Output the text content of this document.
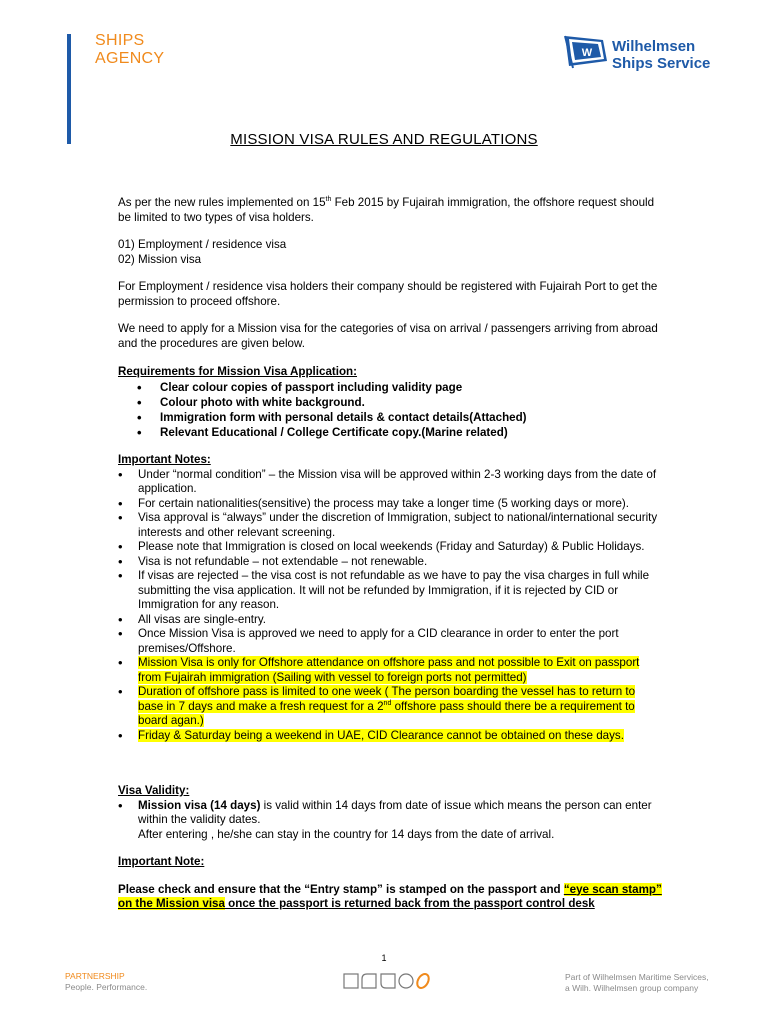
SHIPS
AGENCY	W Wilhelmsen
Ships Service
MISSION VISA RULES AND REGULATIONS

As per the new rules implemented on 15th Feb 2015 by Fujairah immigration, the offshore request should be limited to two types of visa holders.

01) Employment / residence visa

02) Mission visa

For Employment / residence visa holders their company should be registered with Fujairah Port to get the permission to proceed offshore.
We need to apply for a Mission visa for the categories of visa on arrival / passengers arriving from abroad and the procedures are given below.

Requirements for Mission Visa Application:

• Clear colour copies of passport including validity page
• Colour photo with white background.
• Immigration form with personal details & contact details(Attached)
• Relevant Educational / College Certificate copy.(Marine related)

Important Notes:

• Under “normal condition” – the Mission visa will be approved within 2-3 working days from the date of application.
• For certain nationalities(sensitive) the process may take a longer time (5 working days or more).
• Visa approval is “always” under the discretion of Immigration, subject to national/international security interests and other relevant screening.
• Please note that Immigration is closed on local weekends (Friday and Saturday) & Public Holidays.
• Visa is not refundable – not extendable – not renewable.
• If visas are rejected – the visa cost is not refundable as we have to pay the visa charges in full while submitting the visa application. It will not be refunded by Immigration, if it is rejected by CID or Immigration for any reason.
• All visas are single-entry.
• Once Mission Visa is approved we need to apply for a CID clearance in order to enter the port premises/Offshore.
• Mission Visa is only for Offshore attendance on offshore pass and not possible to Exit on passport from Fujairah immigration (Sailing with vessel to foreign ports not permitted)
• Duration of offshore pass is limited to one week ( The person boarding the vessel has to return to base in 7 days and make a fresh request for a 2nd offshore pass should there be a requirement to board agan.)
• Friday & Saturday being a weekend in UAE, CID Clearance cannot be obtained on these days.

Visa Validity:

• Mission visa (14 days) is valid within 14 days from date of issue which means the person can enter within the validity dates.
After entering , he/she can stay in the country for 14 days from the date of arrival.

Important Note:

Please check and ensure that the “Entry stamp” is stamped on the passport and “eye scan stamp” on the Mission visa once the passport is returned back from the passport control desk

1
PARTNERSHIP
People. Performance.
Part of Wilhelmsen Maritime Services,
a Wilh. Wilhelmsen group company
